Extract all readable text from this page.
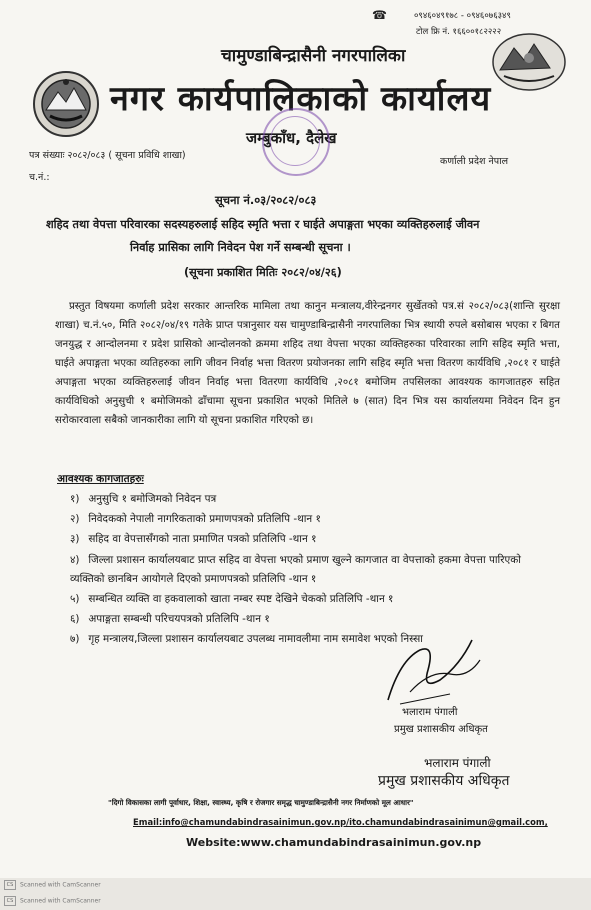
☎	०९४६०४९१७८ - ०९४६०७६३४९
टोल फ्रि नं. १६६००१८२२२२
चामुण्डाबिन्द्रासैनी नगरपालिका
नगर कार्यपालिकाको कार्यालय
जम्बुकाँध, दैलेख
पत्र संख्याः २०८२/०८३ ( सूचना प्रविधि शाखा)
च.नं.:
कर्णाली प्रदेश नेपाल
सूचना नं.०३/२०८२/०८३
शहिद तथा वेपत्ता परिवारका सदस्यहरुलाई सहिद स्मृति भत्ता र घाईते अपाङ्गता भएका व्यक्तिहरुलाई जीवन
निर्वाह प्रासिका लागि निवेदन पेश गर्ने सम्बन्धी सूचना ।
(सूचना प्रकाशित मितिः २०८२/०४/२६)
प्रस्तुत विषयमा कर्णाली प्रदेश सरकार आन्तरिक मामिला तथा कानुन मन्त्रालय,वीरेन्द्रनगर सुर्खेतको पत्र.सं २०८२/०८३(शान्ति सुरक्षा शाखा) च.नं.५०, मिति २०८२/०४/१९ गतेके प्राप्त पत्रानुसार यस चामुण्डाबिन्द्रासैनी नगरपालिका भित्र स्थायी रुपले बसोबास भएका र बिगत जनयुद्ध र आन्दोलनमा र प्रदेश प्रासिको आन्दोलनको क्रममा शहिद तथा वेपत्ता भएका व्यक्तिहरुका परिवारका लागि सहिद स्मृति भत्ता, घाईते अपाङ्गता भएका व्यतिहरुका लागि जीवन निर्वाह भत्ता वितरण प्रयोजनका लागि सहिद स्मृति भत्ता वितरण कार्यविधि ,२०८१ र घाईते अपाङ्गता भएका व्यक्तिहरुलाई जीवन निर्वाह भत्ता वितरणा कार्यविधि ,२०८१ बमोजिम तपसिलका आवश्यक कागजातहरु सहित कार्यविधिको अनुसुची १ बमोजिमको ढाँचामा सूचना प्रकाशित भएको मितिले ७ (सात) दिन भित्र यस कार्यालयमा निवेदन दिन हुन सरोकारवाला सबैको जानकारीका लागि यो सूचना प्रकाशित गरिएको छ।
आवश्यक कागजातहरुः
१) अनुसुचि १ बमोजिमको निवेदन पत्र
२) निवेदकको नेपाली नागरिकताको प्रमाणपत्रको प्रतिलिपि -थान १
३) सहिद वा वेपत्तासँगको नाता प्रमाणित पत्रको प्रतिलिपि -थान १
४) जिल्ला प्रशासन कार्यालयबाट प्राप्त सहिद वा वेपत्ता भएको प्रमाण खुल्ने कागजात वा वेपत्ताको हकमा वेपत्ता पारिएको व्यक्तिको छानबिन आयोगले दिएको प्रमाणपत्रको प्रतिलिपि -थान १
५) सम्बन्धित व्यक्ति वा हकवालाको खाता नम्बर स्पष्ट देखिने चेकको प्रतिलिपि -थान १
६) अपाङ्गता सम्बन्धी परिचयपत्रको प्रतिलिपि -थान १
७) गृह मन्त्रालय,जिल्ला प्रशासन कार्यालयबाट उपलब्ध नामावलीमा नाम समावेश भएको निस्सा
भलाराम पंगाली
प्रमुख प्रशासकीय अधिकृत
भलाराम पंगाली
प्रमुख प्रशासकीय अधिकृत
"दिगो विकासका लागी पूर्वाधार, शिक्षा, स्वास्थ्य, कृषि र रोजगार समृद्ध चामुण्डाबिन्द्रासैनी नगर निर्माणको मूल आधार"
Email:info@chamundabindrasainimun.gov.np/ito.chamundabindrasainimun@gmail.com,
Website:www.chamundabindrasainimun.gov.np
CS Scanned with CamScanner
CS Scanned with CamScanner
